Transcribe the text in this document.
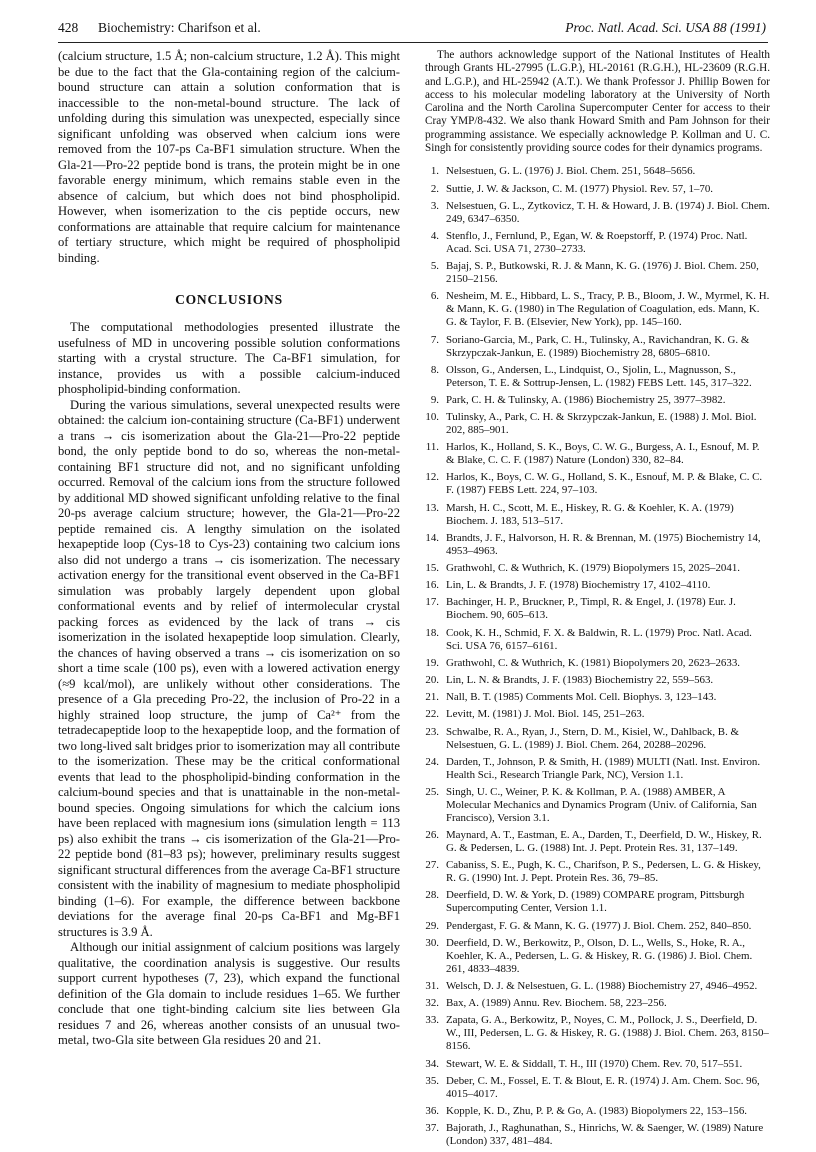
428 Biochemistry: Charifson et al.	Proc. Natl. Acad. Sci. USA 88 (1991)

(calcium structure, 1.5 Å; non-calcium structure, 1.2 Å). This might be due to the fact that the Gla-containing region of the calcium-bound structure can attain a solution conformation that is inaccessible to the non-metal-bound structure. The lack of unfolding during this simulation was unexpected, especially since significant unfolding was observed when calcium ions were removed from the 107-ps Ca-BF1 simulation structure. When the Gla-21—Pro-22 peptide bond is trans, the protein might be in one favorable energy minimum, which remains stable even in the absence of calcium, but which does not bind phospholipid. However, when isomerization to the cis peptide occurs, new conformations are attainable that require calcium for maintenance of tertiary structure, which might be required of phospholipid binding.

CONCLUSIONS

The computational methodologies presented illustrate the usefulness of MD in uncovering possible solution conformations starting with a crystal structure. The Ca-BF1 simulation, for instance, provides us with a possible calcium-induced phospholipid-binding conformation.

During the various simulations, several unexpected results were obtained: the calcium ion-containing structure (Ca-BF1) underwent a trans → cis isomerization about the Gla-21—Pro-22 peptide bond, the only peptide bond to do so, whereas the non-metal-containing BF1 structure did not, and no significant unfolding occurred. Removal of the calcium ions from the structure followed by additional MD showed significant unfolding relative to the final 20-ps average calcium structure; however, the Gla-21—Pro-22 peptide remained cis. A lengthy simulation on the isolated hexapeptide loop (Cys-18 to Cys-23) containing two calcium ions also did not undergo a trans → cis isomerization. The necessary activation energy for the transitional event observed in the Ca-BF1 simulation was probably largely dependent upon global conformational events and by relief of intermolecular crystal packing forces as evidenced by the lack of trans → cis isomerization in the isolated hexapeptide loop simulation. Clearly, the chances of having observed a trans → cis isomerization on so short a time scale (100 ps), even with a lowered activation energy (≈9 kcal/mol), are unlikely without other considerations. The presence of a Gla preceding Pro-22, the inclusion of Pro-22 in a highly strained loop structure, the jump of Ca²⁺ from the tetradecapeptide loop to the hexapeptide loop, and the formation of two long-lived salt bridges prior to isomerization may all contribute to the isomerization. These may be the critical conformational events that lead to the phospholipid-binding conformation in the calcium-bound species and that is unattainable in the non-metal-bound species. Ongoing simulations for which the calcium ions have been replaced with magnesium ions (simulation length = 113 ps) also exhibit the trans → cis isomerization of the Gla-21—Pro-22 peptide bond (81–83 ps); however, preliminary results suggest significant structural differences from the average Ca-BF1 structure consistent with the inability of magnesium to mediate phospholipid binding (1–6). For example, the difference between backbone deviations for the average final 20-ps Ca-BF1 and Mg-BF1 structures is 3.9 Å.

Although our initial assignment of calcium positions was largely qualitative, the coordination analysis is suggestive. Our results support current hypotheses (7, 23), which expand the functional definition of the Gla domain to include residues 1–65. We further conclude that one tight-binding calcium site lies between Gla residues 7 and 26, whereas another consists of an unusual two-metal, two-Gla site between Gla residues 20 and 21.

The authors acknowledge support of the National Institutes of Health through Grants HL-27995 (L.G.P.), HL-20161 (R.G.H.), HL-23609 (R.G.H. and L.G.P.), and HL-25942 (A.T.). We thank Professor J. Phillip Bowen for access to his molecular modeling laboratory at the University of North Carolina and the North Carolina Supercomputer Center for access to their Cray YMP/8-432. We also thank Howard Smith and Pam Johnson for their programming assistance. We especially acknowledge P. Kollman and U. C. Singh for consistently providing source codes for their dynamics programs.

1. Nelsestuen, G. L. (1976) J. Biol. Chem. 251, 5648–5656.
2. Suttie, J. W. & Jackson, C. M. (1977) Physiol. Rev. 57, 1–70.
3. Nelsestuen, G. L., Zytkovicz, T. H. & Howard, J. B. (1974) J. Biol. Chem. 249, 6347–6350.
4. Stenflo, J., Fernlund, P., Egan, W. & Roepstorff, P. (1974) Proc. Natl. Acad. Sci. USA 71, 2730–2733.
5. Bajaj, S. P., Butkowski, R. J. & Mann, K. G. (1976) J. Biol. Chem. 250, 2150–2156.
6. Nesheim, M. E., Hibbard, L. S., Tracy, P. B., Bloom, J. W., Myrmel, K. H. & Mann, K. G. (1980) in The Regulation of Coagulation, eds. Mann, K. G. & Taylor, F. B. (Elsevier, New York), pp. 145–160.
7. Soriano-Garcia, M., Park, C. H., Tulinsky, A., Ravichandran, K. G. & Skrzypczak-Jankun, E. (1989) Biochemistry 28, 6805–6810.
8. Olsson, G., Andersen, L., Lindquist, O., Sjolin, L., Magnusson, S., Peterson, T. E. & Sottrup-Jensen, L. (1982) FEBS Lett. 145, 317–322.
9. Park, C. H. & Tulinsky, A. (1986) Biochemistry 25, 3977–3982.
10. Tulinsky, A., Park, C. H. & Skrzypczak-Jankun, E. (1988) J. Mol. Biol. 202, 885–901.
11. Harlos, K., Holland, S. K., Boys, C. W. G., Burgess, A. I., Esnouf, M. P. & Blake, C. C. F. (1987) Nature (London) 330, 82–84.
12. Harlos, K., Boys, C. W. G., Holland, S. K., Esnouf, M. P. & Blake, C. C. F. (1987) FEBS Lett. 224, 97–103.
13. Marsh, H. C., Scott, M. E., Hiskey, R. G. & Koehler, K. A. (1979) Biochem. J. 183, 513–517.
14. Brandts, J. F., Halvorson, H. R. & Brennan, M. (1975) Biochemistry 14, 4953–4963.
15. Grathwohl, C. & Wuthrich, K. (1979) Biopolymers 15, 2025–2041.
16. Lin, L. & Brandts, J. F. (1978) Biochemistry 17, 4102–4110.
17. Bachinger, H. P., Bruckner, P., Timpl, R. & Engel, J. (1978) Eur. J. Biochem. 90, 605–613.
18. Cook, K. H., Schmid, F. X. & Baldwin, R. L. (1979) Proc. Natl. Acad. Sci. USA 76, 6157–6161.
19. Grathwohl, C. & Wuthrich, K. (1981) Biopolymers 20, 2623–2633.
20. Lin, L. N. & Brandts, J. F. (1983) Biochemistry 22, 559–563.
21. Nall, B. T. (1985) Comments Mol. Cell. Biophys. 3, 123–143.
22. Levitt, M. (1981) J. Mol. Biol. 145, 251–263.
23. Schwalbe, R. A., Ryan, J., Stern, D. M., Kisiel, W., Dahlback, B. & Nelsestuen, G. L. (1989) J. Biol. Chem. 264, 20288–20296.
24. Darden, T., Johnson, P. & Smith, H. (1989) MULTI (Natl. Inst. Environ. Health Sci., Research Triangle Park, NC), Version 1.1.
25. Singh, U. C., Weiner, P. K. & Kollman, P. A. (1988) AMBER, A Molecular Mechanics and Dynamics Program (Univ. of California, San Francisco), Version 3.1.
26. Maynard, A. T., Eastman, E. A., Darden, T., Deerfield, D. W., Hiskey, R. G. & Pedersen, L. G. (1988) Int. J. Pept. Protein Res. 31, 137–149.
27. Cabaniss, S. E., Pugh, K. C., Charifson, P. S., Pedersen, L. G. & Hiskey, R. G. (1990) Int. J. Pept. Protein Res. 36, 79–85.
28. Deerfield, D. W. & York, D. (1989) COMPARE program, Pittsburgh Supercomputing Center, Version 1.1.
29. Pendergast, F. G. & Mann, K. G. (1977) J. Biol. Chem. 252, 840–850.
30. Deerfield, D. W., Berkowitz, P., Olson, D. L., Wells, S., Hoke, R. A., Koehler, K. A., Pedersen, L. G. & Hiskey, R. G. (1986) J. Biol. Chem. 261, 4833–4839.
31. Welsch, D. J. & Nelsestuen, G. L. (1988) Biochemistry 27, 4946–4952.
32. Bax, A. (1989) Annu. Rev. Biochem. 58, 223–256.
33. Zapata, G. A., Berkowitz, P., Noyes, C. M., Pollock, J. S., Deerfield, D. W., III, Pedersen, L. G. & Hiskey, R. G. (1988) J. Biol. Chem. 263, 8150–8156.
34. Stewart, W. E. & Siddall, T. H., III (1970) Chem. Rev. 70, 517–551.
35. Deber, C. M., Fossel, E. T. & Blout, E. R. (1974) J. Am. Chem. Soc. 96, 4015–4017.
36. Kopple, K. D., Zhu, P. P. & Go, A. (1983) Biopolymers 22, 153–156.
37. Bajorath, J., Raghunathan, S., Hinrichs, W. & Saenger, W. (1989) Nature (London) 337, 481–484.
